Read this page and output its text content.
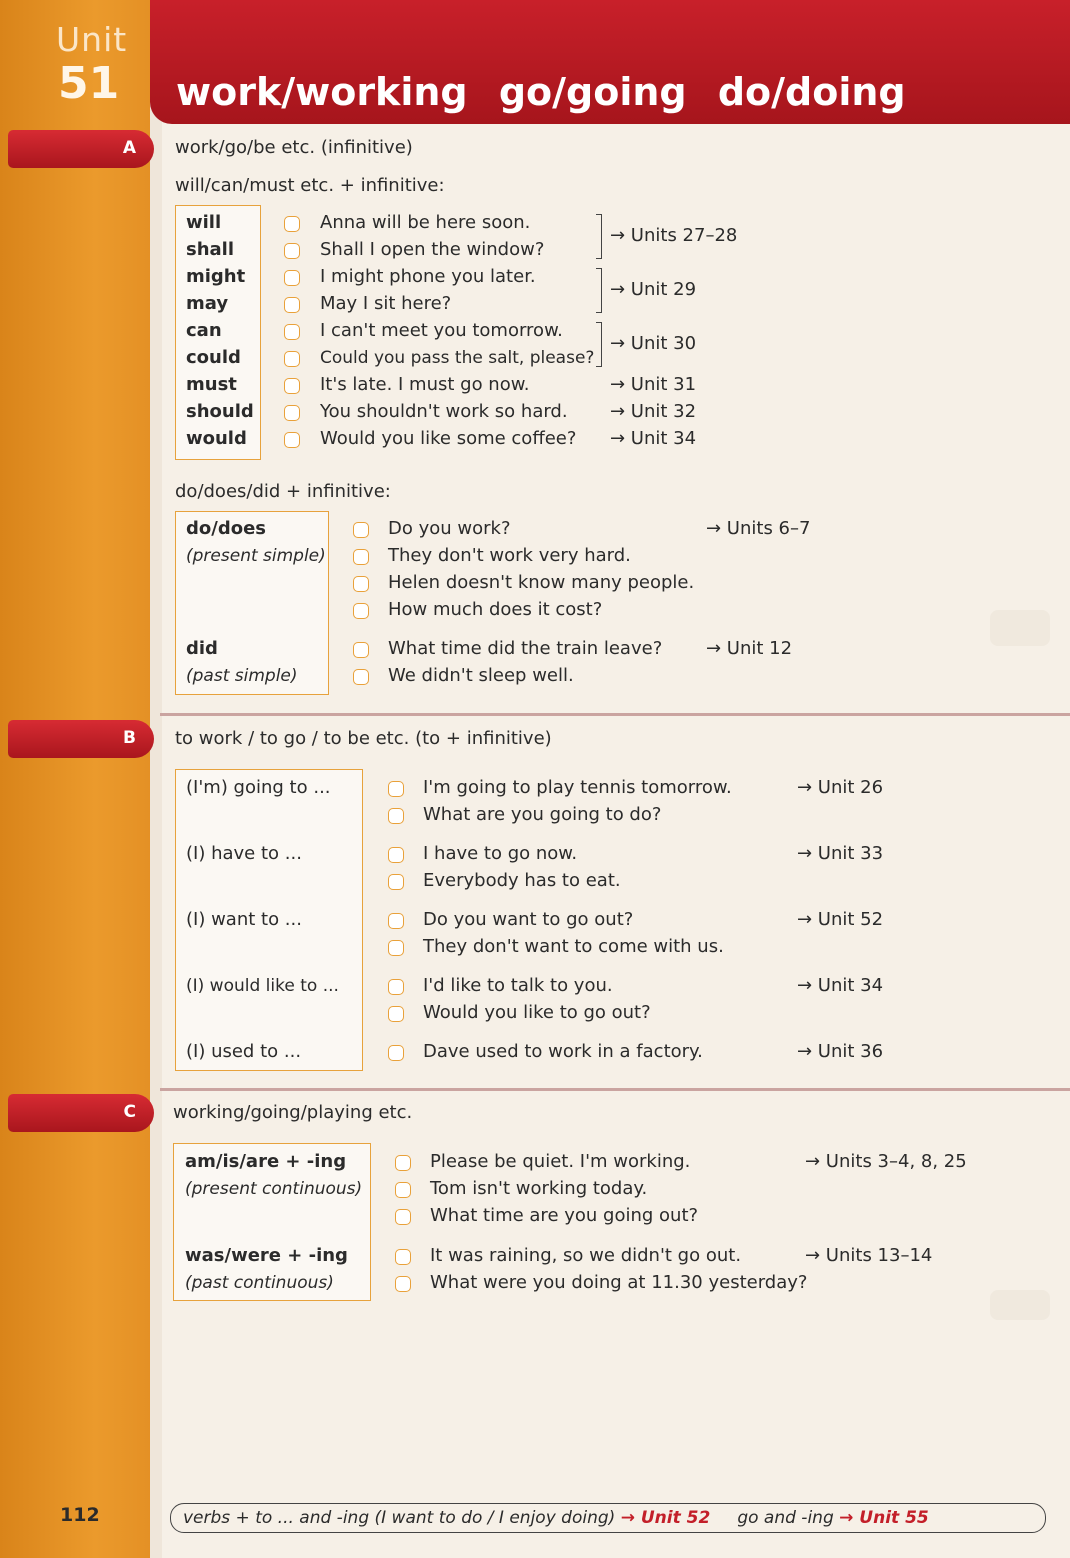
Unit
51 work/working go/going do/doing
A
B
C
work/go/be etc. (infinitive)
will/can/must etc. + infinitive:
will
shall
might
may
can
could
must
should
would
Anna will be here soon.
Shall I open the window?
I might phone you later.
May I sit here?
I can't meet you tomorrow.
Could you pass the salt, please?
It's late. I must go now.
You shouldn't work so hard.
Would you like some coffee?
→ Units 27–28
→ Unit 29
→ Unit 30
→ Unit 31
→ Unit 32
→ Unit 34
do/does/did + infinitive:
do/does
(present simple)
did
(past simple)
Do you work?
They don't work very hard.
Helen doesn't know many people.
How much does it cost?
What time did the train leave?
We didn't sleep well.
→ Units 6–7
→ Unit 12
to work / to go / to be etc. (to + infinitive)
(I'm) going to ...
(I) have to ...
(I) want to ...
(I) would like to ...
(I) used to ...
I'm going to play tennis tomorrow.
What are you going to do?
I have to go now.
Everybody has to eat.
Do you want to go out?
They don't want to come with us.
I'd like to talk to you.
Would you like to go out?
Dave used to work in a factory.
→ Unit 26
→ Unit 33
→ Unit 52
→ Unit 34
→ Unit 36
working/going/playing etc.
am/is/are + -ing
(present continuous)
was/were + -ing
(past continuous)
Please be quiet. I'm working.
Tom isn't working today.
What time are you going out?
It was raining, so we didn't go out.
What were you doing at 11.30 yesterday?
→ Units 3–4, 8, 25
→ Units 13–14
112	verbs + to ... and -ing (I want to do / I enjoy doing) → Unit 52 go and -ing → Unit 55
